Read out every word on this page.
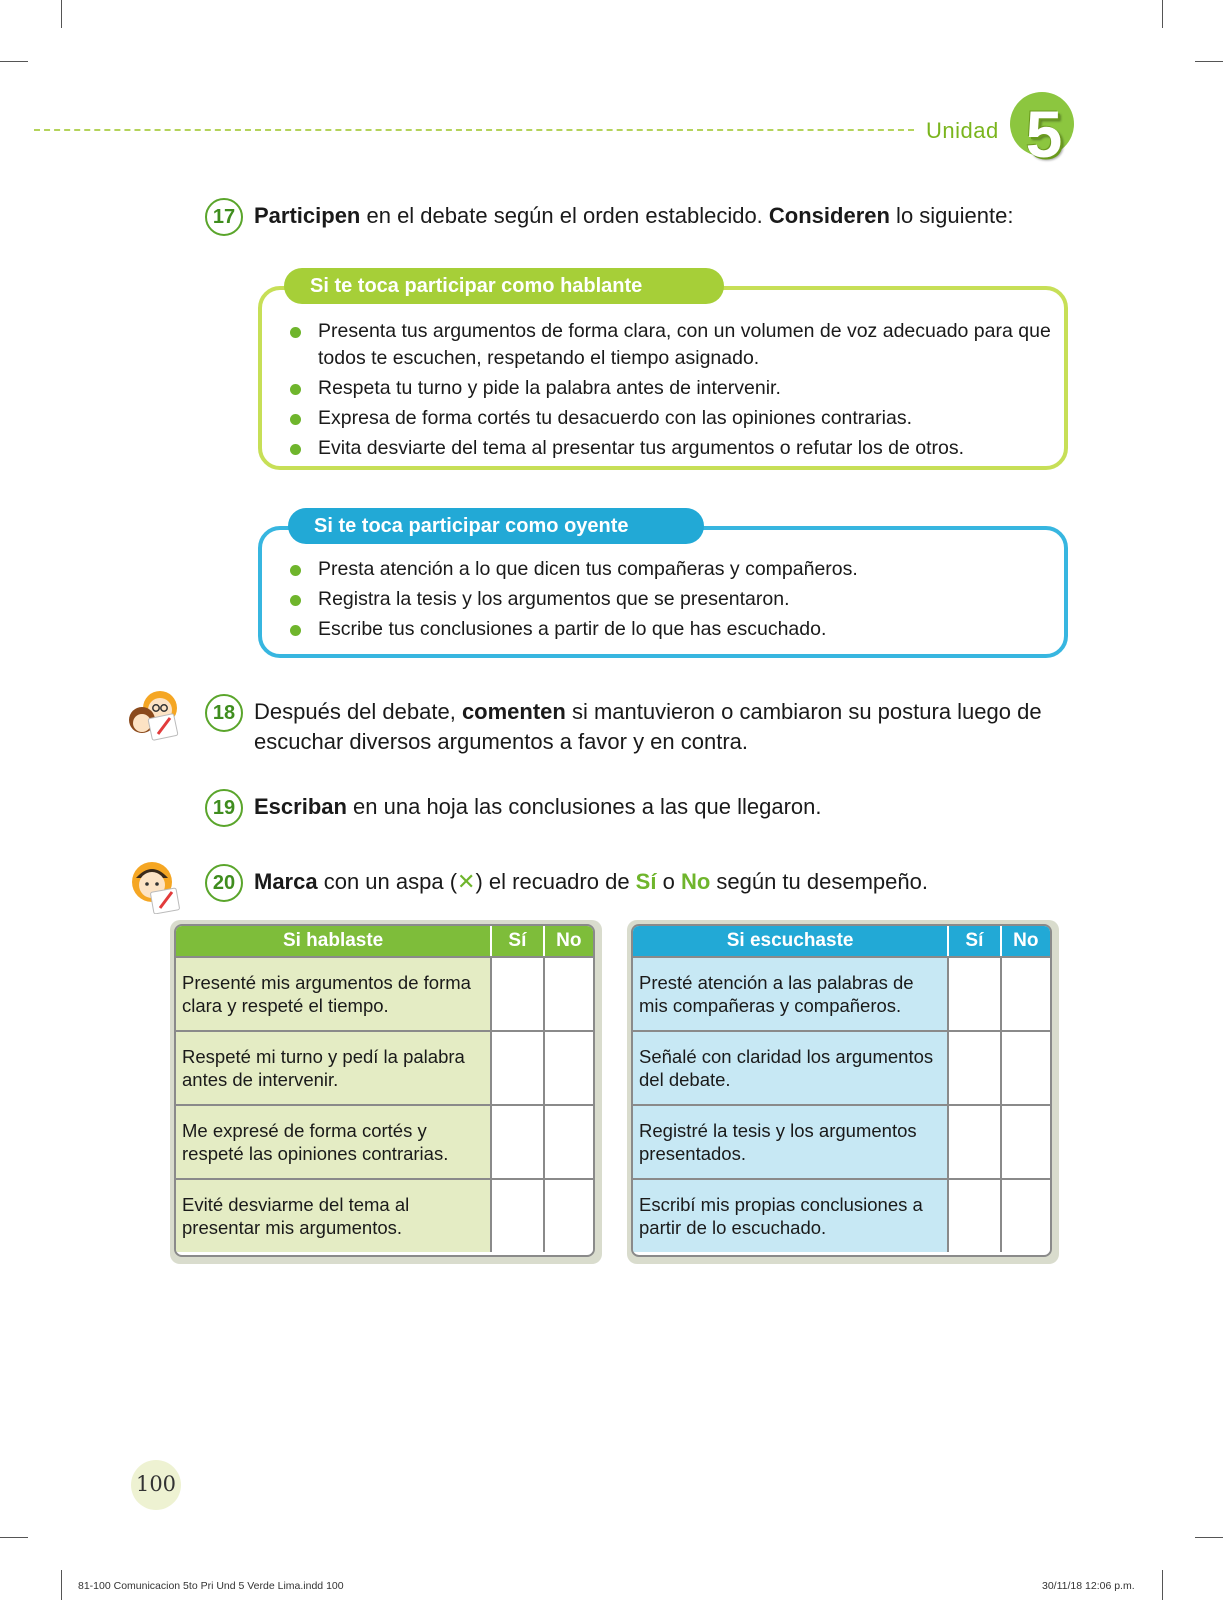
Unidad 5
17 Participen en el debate según el orden establecido. Consideren lo siguiente:
Presenta tus argumentos de forma clara, con un volumen de voz adecuado para que todos te escuchen, respetando el tiempo asignado.
Respeta tu turno y pide la palabra antes de intervenir.
Expresa de forma cortés tu desacuerdo con las opiniones contrarias.
Evita desviarte del tema al presentar tus argumentos o refutar los de otros.
Si te toca participar como hablante
Presta atención a lo que dicen tus compañeras y compañeros.
Registra la tesis y los argumentos que se presentaron.
Escribe tus conclusiones a partir de lo que has escuchado.
Si te toca participar como oyente
18 Después del debate, comenten si mantuvieron o cambiaron su postura luego de escuchar diversos argumentos a favor y en contra.
19 Escriban en una hoja las conclusiones a las que llegaron.
20 Marca con un aspa (✕) el recuadro de Sí o No según tu desempeño.
Si hablaste	Sí	No
Presenté mis argumentos de forma clara y respeté el tiempo.
Respeté mi turno y pedí la palabra antes de intervenir.
Me expresé de forma cortés y respeté las opiniones contrarias.
Evité desviarme del tema al presentar mis argumentos.
Si escuchaste	Sí	No
Presté atención a las palabras de mis compañeras y compañeros.
Señalé con claridad los argumentos del debate.
Registré la tesis y los argumentos presentados.
Escribí mis propias conclusiones a partir de lo escuchado.
100
81-100 Comunicacion 5to Pri Und 5 Verde Lima.indd 100	30/11/18 12:06 p.m.
